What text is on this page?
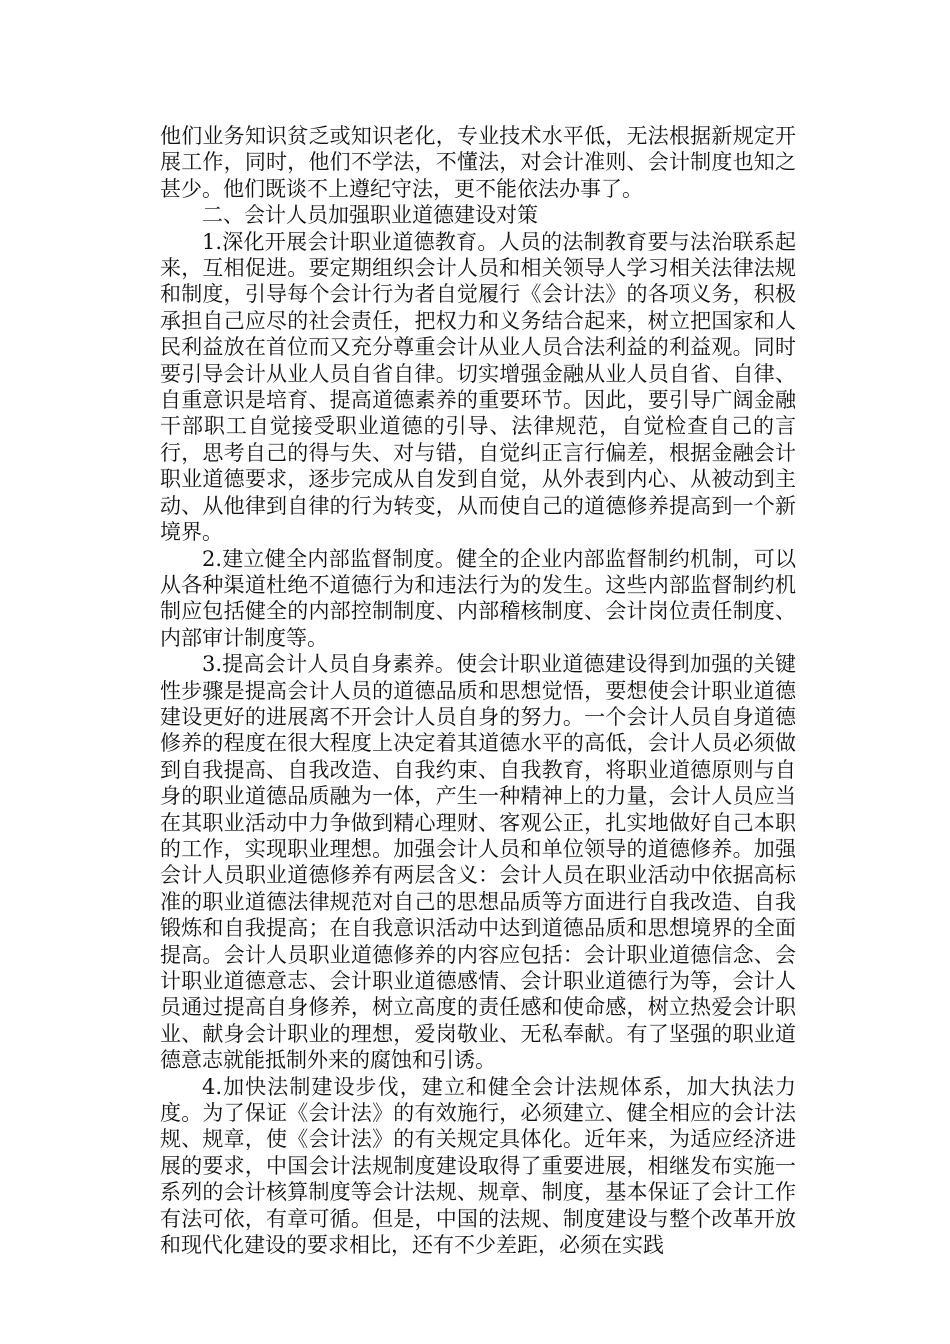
他们业务知识贫乏或知识老化，专业技术水平低，无法根据新规定开展工作，同时，他们不学法，不懂法，对会计准则、会计制度也知之甚少。他们既谈不上遵纪守法，更不能依法办事了。

二、会计人员加强职业道德建设对策

1.深化开展会计职业道德教育。人员的法制教育要与法治联系起来，互相促进。要定期组织会计人员和相关领导人学习相关法律法规和制度，引导每个会计行为者自觉履行《会计法》的各项义务，积极承担自己应尽的社会责任，把权力和义务结合起来，树立把国家和人民利益放在首位而又充分尊重会计从业人员合法利益的利益观。同时要引导会计从业人员自省自律。切实增强金融从业人员自省、自律、自重意识是培育、提高道德素养的重要环节。因此，要引导广阔金融干部职工自觉接受职业道德的引导、法律规范，自觉检查自己的言行，思考自己的得与失、对与错，自觉纠正言行偏差，根据金融会计职业道德要求，逐步完成从自发到自觉，从外表到内心、从被动到主动、从他律到自律的行为转变，从而使自己的道德修养提高到一个新境界。

2.建立健全内部监督制度。健全的企业内部监督制约机制，可以从各种渠道杜绝不道德行为和违法行为的发生。这些内部监督制约机制应包括健全的内部控制制度、内部稽核制度、会计岗位责任制度、内部审计制度等。

3.提高会计人员自身素养。使会计职业道德建设得到加强的关键性步骤是提高会计人员的道德品质和思想觉悟，要想使会计职业道德建设更好的进展离不开会计人员自身的努力。一个会计人员自身道德修养的程度在很大程度上决定着其道德水平的高低，会计人员必须做到自我提高、自我改造、自我约束、自我教育，将职业道德原则与自身的职业道德品质融为一体，产生一种精神上的力量，会计人员应当在其职业活动中力争做到精心理财、客观公正，扎实地做好自己本职的工作，实现职业理想。加强会计人员和单位领导的道德修养。加强会计人员职业道德修养有两层含义：会计人员在职业活动中依据高标准的职业道德法律规范对自己的思想品质等方面进行自我改造、自我锻炼和自我提高；在自我意识活动中达到道德品质和思想境界的全面提高。会计人员职业道德修养的内容应包括：会计职业道德信念、会计职业道德意志、会计职业道德感情、会计职业道德行为等，会计人员通过提高自身修养，树立高度的责任感和使命感，树立热爱会计职业、献身会计职业的理想，爱岗敬业、无私奉献。有了坚强的职业道德意志就能抵制外来的腐蚀和引诱。

4.加快法制建设步伐，建立和健全会计法规体系，加大执法力度。为了保证《会计法》的有效施行，必须建立、健全相应的会计法规、规章，使《会计法》的有关规定具体化。近年来，为适应经济进展的要求，中国会计法规制度建设取得了重要进展，相继发布实施一系列的会计核算制度等会计法规、规章、制度，基本保证了会计工作有法可依，有章可循。但是，中国的法规、制度建设与整个改革开放和现代化建设的要求相比，还有不少差距，必须在实践
